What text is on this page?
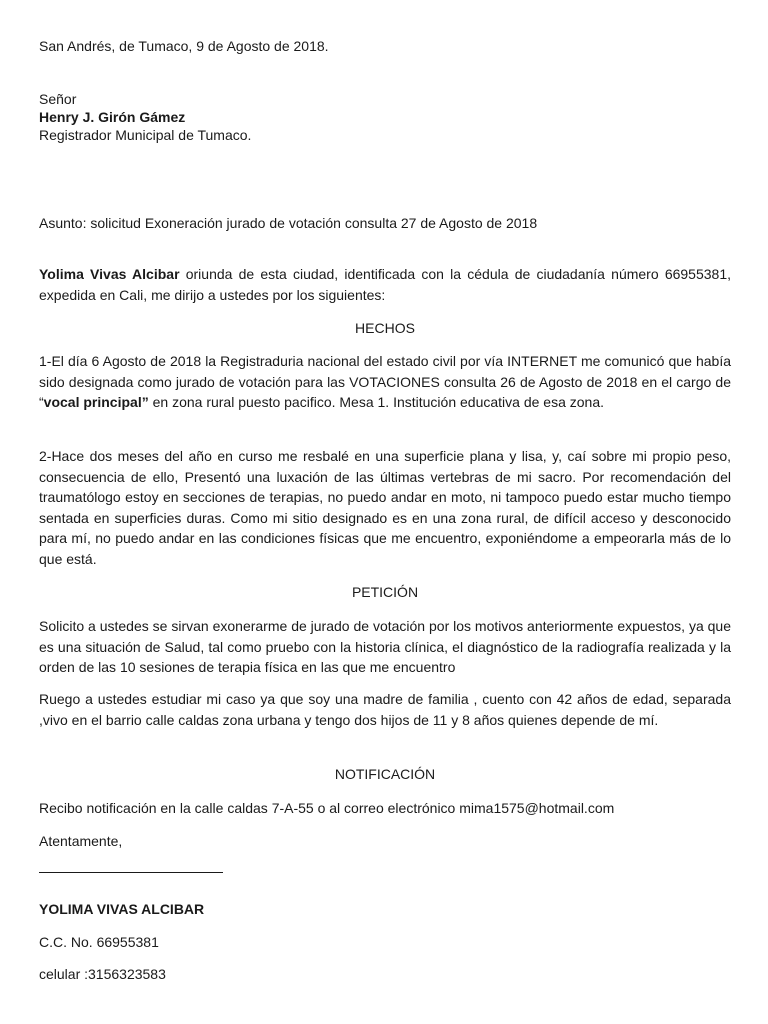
San Andrés, de Tumaco, 9 de Agosto de 2018.
Señor
Henry J. Girón Gámez
Registrador Municipal de Tumaco.
Asunto: solicitud Exoneración jurado de votación consulta 27 de Agosto de 2018
Yolima Vivas Alcibar oriunda de esta ciudad, identificada con la cédula de ciudadanía número 66955381, expedida en Cali, me dirijo a ustedes por los siguientes:
HECHOS
1-El día 6 Agosto de 2018 la Registraduria nacional del estado civil por vía INTERNET me comunicó que había sido designada como jurado de votación para las VOTACIONES consulta 26 de Agosto de 2018 en el cargo de “vocal principal” en zona rural puesto pacifico. Mesa 1. Institución educativa de esa zona.
2-Hace dos meses del año en curso me resbalé en una superficie plana y lisa, y, caí sobre mi propio peso, consecuencia de ello, Presentó una luxación de las últimas vertebras de mi sacro. Por recomendación del traumatólogo estoy en secciones de terapias, no puedo andar en moto, ni tampoco puedo estar mucho tiempo sentada en superficies duras. Como mi sitio designado es en una zona rural, de difícil acceso y desconocido para mí, no puedo andar en las condiciones físicas que me encuentro, exponiéndome a empeorarla más de lo que está.
PETICIÓN
Solicito a ustedes se sirvan exonerarme de jurado de votación por los motivos anteriormente expuestos, ya que es una situación de Salud, tal como pruebo con la historia clínica, el diagnóstico de la radiografía realizada y la orden de las 10 sesiones de terapia física en las que me encuentro
Ruego a ustedes estudiar mi caso ya que soy una madre de familia , cuento con 42 años de edad, separada ,vivo en el barrio calle caldas zona urbana y tengo dos hijos de 11 y 8 años quienes depende de mí.
NOTIFICACIÓN
Recibo notificación en la calle caldas 7-A-55 o al correo electrónico mima1575@hotmail.com
Atentamente,
YOLIMA VIVAS ALCIBAR
C.C. No. 66955381
celular :3156323583
